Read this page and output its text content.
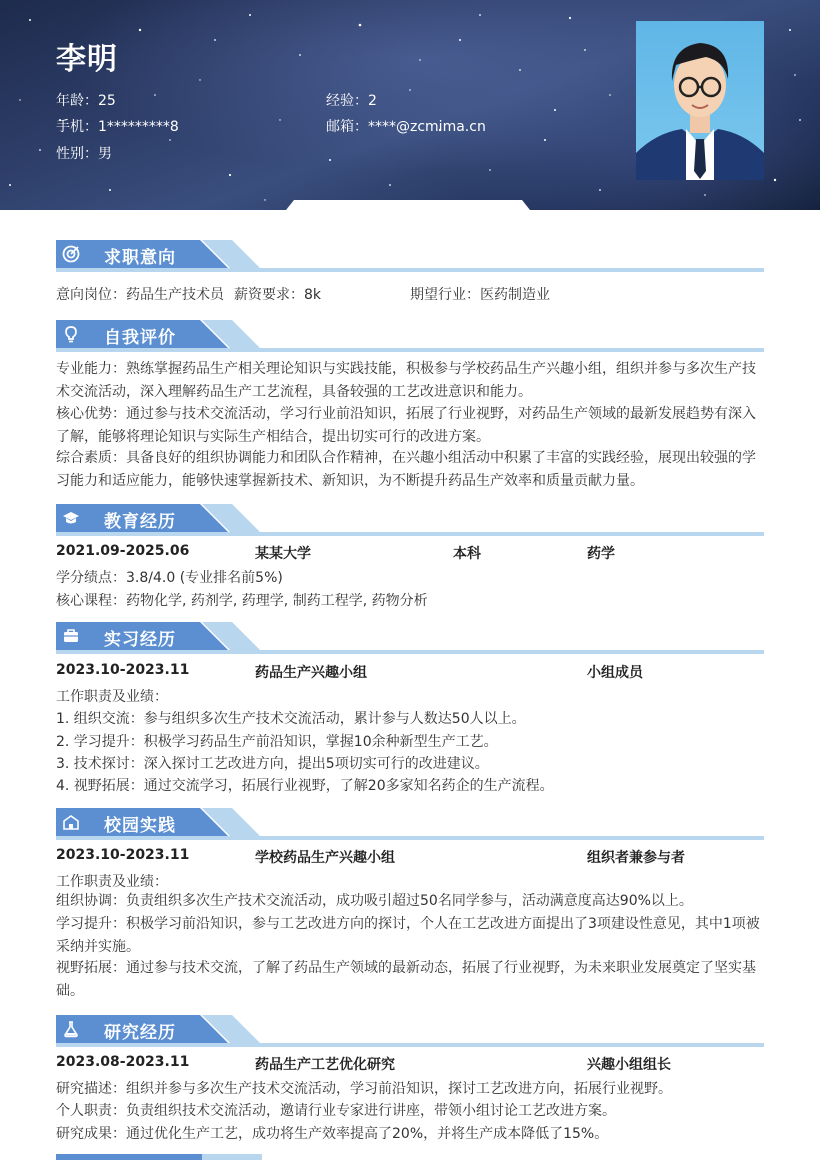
李明
年龄：25	经验：2
手机：1*********8	邮箱：****@zcmima.cn
性别：男
求职意向
意向岗位：药品生产技术员 薪资要求：8k	期望行业：医药制造业
自我评价
专业能力：熟练掌握药品生产相关理论知识与实践技能，积极参与学校药品生产兴趣小组，组织并参与多次生产技术交流活动，深入理解药品生产工艺流程，具备较强的工艺改进意识和能力。
核心优势：通过参与技术交流活动，学习行业前沿知识，拓展了行业视野，对药品生产领域的最新发展趋势有深入了解，能够将理论知识与实际生产相结合，提出切实可行的改进方案。
综合素质：具备良好的组织协调能力和团队合作精神，在兴趣小组活动中积累了丰富的实践经验，展现出较强的学习能力和适应能力，能够快速掌握新技术、新知识，为不断提升药品生产效率和质量贡献力量。
教育经历
2021.09-2025.06	某某大学	本科	药学
学分绩点：3.8/4.0 (专业排名前5%)
核心课程：药物化学, 药剂学, 药理学, 制药工程学, 药物分析
实习经历
2023.10-2023.11	药品生产兴趣小组	小组成员
工作职责及业绩：
1. 组织交流：参与组织多次生产技术交流活动，累计参与人数达50人以上。
2. 学习提升：积极学习药品生产前沿知识，掌握10余种新型生产工艺。
3. 技术探讨：深入探讨工艺改进方向，提出5项切实可行的改进建议。
4. 视野拓展：通过交流学习，拓展行业视野，了解20多家知名药企的生产流程。
校园实践
2023.10-2023.11	学校药品生产兴趣小组	组织者兼参与者
工作职责及业绩：
组织协调：负责组织多次生产技术交流活动，成功吸引超过50名同学参与，活动满意度高达90%以上。
学习提升：积极学习前沿知识，参与工艺改进方向的探讨，个人在工艺改进方面提出了3项建设性意见，其中1项被采纳并实施。
视野拓展：通过参与技术交流，了解了药品生产领域的最新动态，拓展了行业视野，为未来职业发展奠定了坚实基础。
研究经历
2023.08-2023.11	药品生产工艺优化研究	兴趣小组组长
研究描述：组织并参与多次生产技术交流活动，学习前沿知识，探讨工艺改进方向，拓展行业视野。
个人职责：负责组织技术交流活动，邀请行业专家进行讲座，带领小组讨论工艺改进方案。
研究成果：通过优化生产工艺，成功将生产效率提高了20%，并将生产成本降低了15%。
